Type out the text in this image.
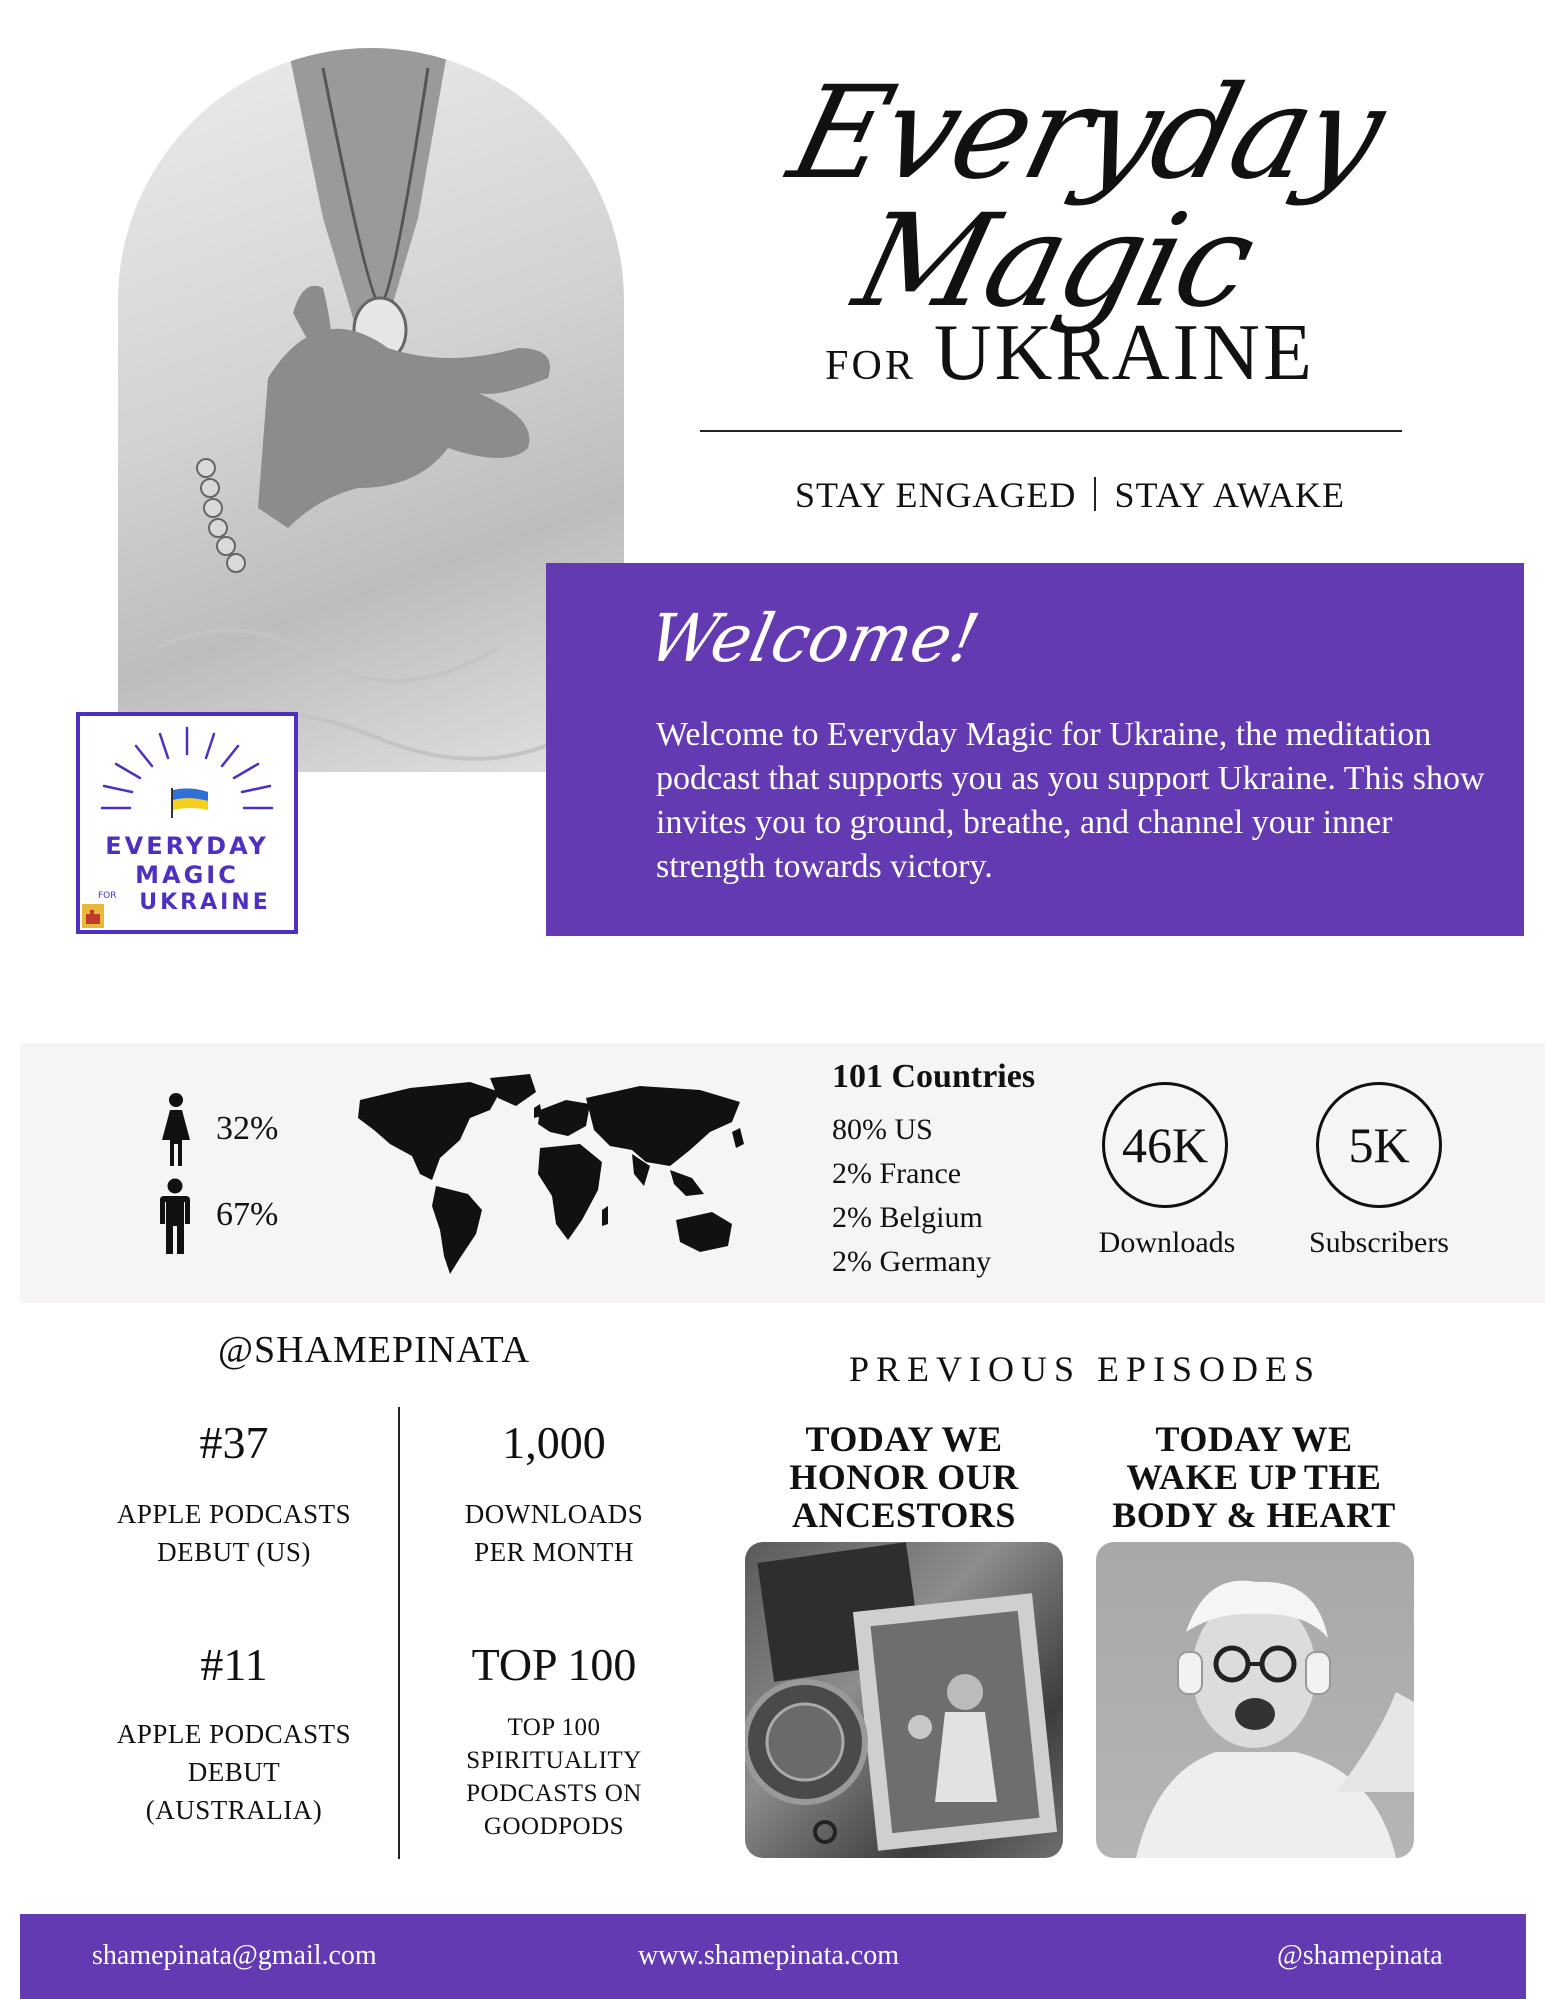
Everyday Magic
FOR UKRAINE
STAY ENGAGED STAY AWAKE
Welcome!
Welcome to Everyday Magic for Ukraine, the meditation podcast that supports you as you support Ukraine. This show invites you to ground, breathe, and channel your inner strength towards victory.
EVERYDAY
MAGIC
FOR	UKRAINE
32%
67%
101 Countries
80% US
2% France
2% Belgium
2% Germany
46K
Downloads
5K
Subscribers
@SHAMEPINATA
#37
APPLE PODCASTS
DEBUT (US)
1,000
DOWNLOADS
PER MONTH
#11
APPLE PODCASTS
DEBUT
(AUSTRALIA)
TOP 100
TOP 100
SPIRITUALITY
PODCASTS ON
GOODPODS
PREVIOUS EPISODES
TODAY WE
HONOR OUR
ANCESTORS
TODAY WE
WAKE UP THE
BODY & HEART
shamepinata@gmail.com	www.shamepinata.com	@shamepinata
